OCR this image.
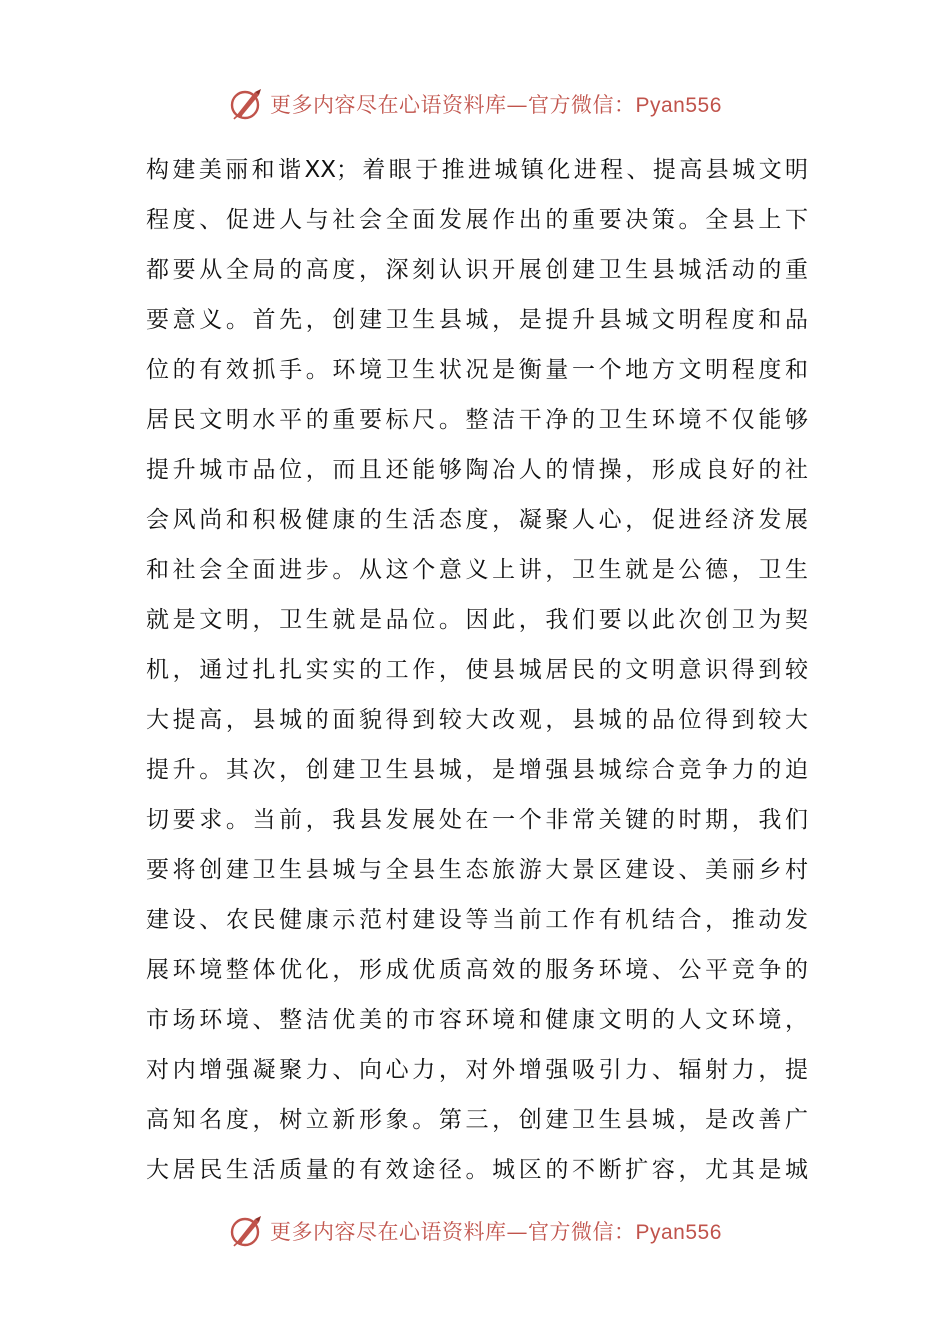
更多内容尽在心语资料库—官方微信：Pyan556
构建美丽和谐XX；着眼于推进城镇化进程、提高县城文明
程度、促进人与社会全面发展作出的重要决策。全县上下
都要从全局的高度，深刻认识开展创建卫生县城活动的重
要意义。首先，创建卫生县城，是提升县城文明程度和品
位的有效抓手。环境卫生状况是衡量一个地方文明程度和
居民文明水平的重要标尺。整洁干净的卫生环境不仅能够
提升城市品位，而且还能够陶冶人的情操，形成良好的社
会风尚和积极健康的生活态度，凝聚人心，促进经济发展
和社会全面进步。从这个意义上讲，卫生就是公德，卫生
就是文明，卫生就是品位。因此，我们要以此次创卫为契
机，通过扎扎实实的工作，使县城居民的文明意识得到较
大提高，县城的面貌得到较大改观，县城的品位得到较大
提升。其次，创建卫生县城，是增强县城综合竞争力的迫
切要求。当前，我县发展处在一个非常关键的时期，我们
要将创建卫生县城与全县生态旅游大景区建设、美丽乡村
建设、农民健康示范村建设等当前工作有机结合，推动发
展环境整体优化，形成优质高效的服务环境、公平竞争的
市场环境、整洁优美的市容环境和健康文明的人文环境，
对内增强凝聚力、向心力，对外增强吸引力、辐射力，提
高知名度，树立新形象。第三，创建卫生县城，是改善广
大居民生活质量的有效途径。城区的不断扩容，尤其是城
更多内容尽在心语资料库—官方微信：Pyan556
